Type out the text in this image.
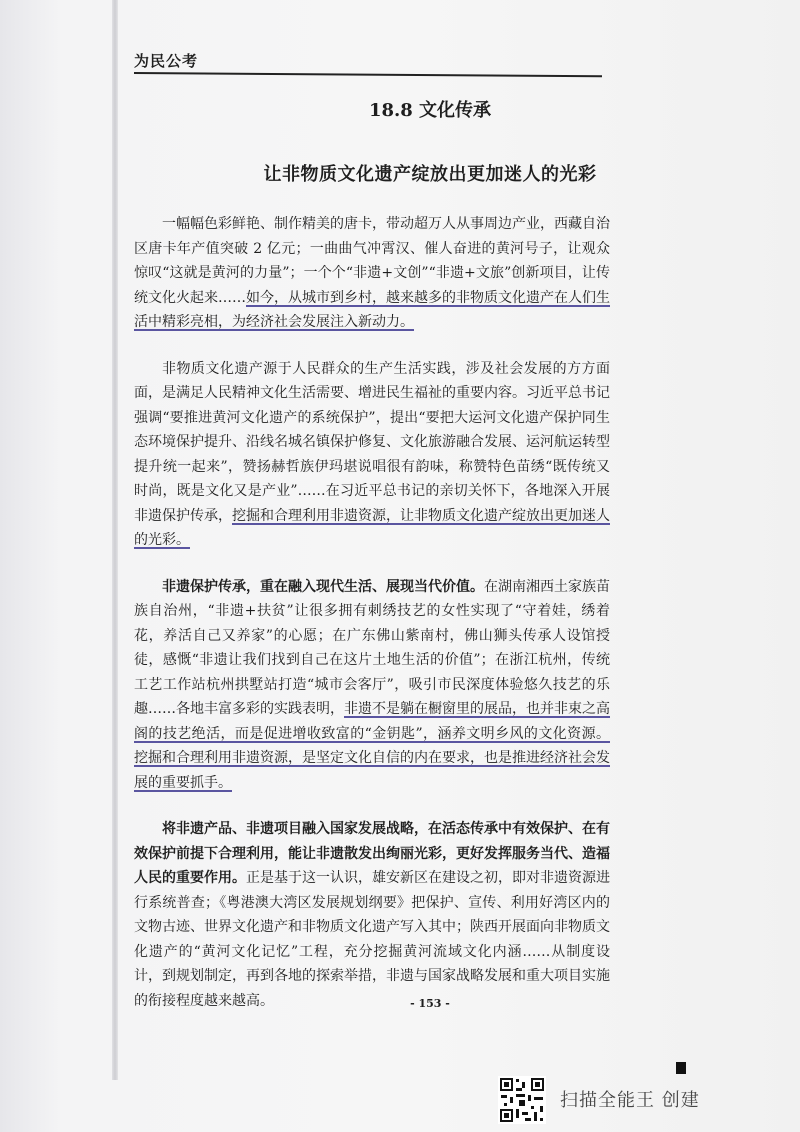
为民公考
18.8 文化传承
让非物质文化遗产绽放出更加迷人的光彩

一幅幅色彩鲜艳、制作精美的唐卡，带动超万人从事周边产业，西藏自治区唐卡年产值突破 2 亿元；一曲曲气冲霄汉、催人奋进的黄河号子，让观众惊叹“这就是黄河的力量”；一个个“非遗+文创”“非遗+文旅”创新项目，让传统文化火起来……如今，从城市到乡村，越来越多的非物质文化遗产在人们生活中精彩亮相，为经济社会发展注入新动力。

非物质文化遗产源于人民群众的生产生活实践，涉及社会发展的方方面面，是满足人民精神文化生活需要、增进民生福祉的重要内容。习近平总书记强调“要推进黄河文化遗产的系统保护”，提出“要把大运河文化遗产保护同生态环境保护提升、沿线名城名镇保护修复、文化旅游融合发展、运河航运转型提升统一起来”，赞扬赫哲族伊玛堪说唱很有韵味，称赞特色苗绣“既传统又时尚，既是文化又是产业”……在习近平总书记的亲切关怀下，各地深入开展非遗保护传承，挖掘和合理利用非遗资源，让非物质文化遗产绽放出更加迷人的光彩。

非遗保护传承，重在融入现代生活、展现当代价值。在湖南湘西土家族苗族自治州，“非遗+扶贫”让很多拥有刺绣技艺的女性实现了“守着娃，绣着花，养活自己又养家”的心愿；在广东佛山紫南村，佛山狮头传承人设馆授徒，感慨“非遗让我们找到自己在这片土地生活的价值”；在浙江杭州，传统工艺工作站杭州拱墅站打造“城市会客厅”，吸引市民深度体验悠久技艺的乐趣……各地丰富多彩的实践表明，非遗不是躺在橱窗里的展品，也并非束之高阁的技艺绝活，而是促进增收致富的“金钥匙”，涵养文明乡风的文化资源。挖掘和合理利用非遗资源，是坚定文化自信的内在要求，也是推进经济社会发展的重要抓手。

将非遗产品、非遗项目融入国家发展战略，在活态传承中有效保护、在有效保护前提下合理利用，能让非遗散发出绚丽光彩，更好发挥服务当代、造福人民的重要作用。正是基于这一认识，雄安新区在建设之初，即对非遗资源进行系统普查；《粤港澳大湾区发展规划纲要》把保护、宣传、利用好湾区内的文物古迹、世界文化遗产和非物质文化遗产写入其中；陕西开展面向非物质文化遗产的“黄河文化记忆”工程，充分挖掘黄河流域文化内涵……从制度设计，到规划制定，再到各地的探索举措，非遗与国家战略发展和重大项目实施的衔接程度越来越高。	- 153 -
扫描全能王 创建
